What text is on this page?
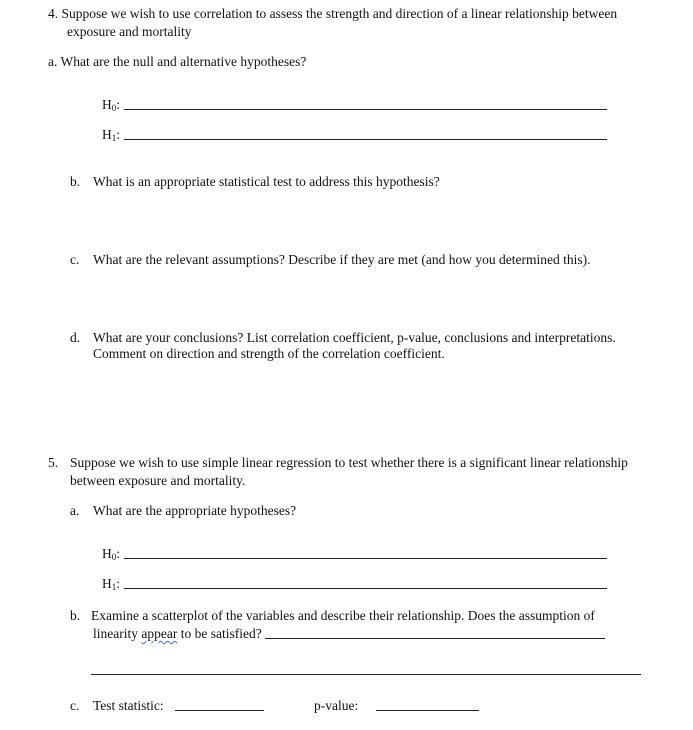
4. Suppose we wish to use correlation to assess the strength and direction of a linear relationship between
exposure and mortality
a. What are the null and alternative hypotheses?
$H_0$:
$H_1$:
b. What is an appropriate statistical test to address this hypothesis?
c. What are the relevant assumptions? Describe if they are met (and how you determined this).
d. What are your conclusions? List correlation coefficient, p-value, conclusions and interpretations.
Comment on direction and strength of the correlation coefficient.
5. Suppose we wish to use simple linear regression to test whether there is a significant linear relationship
between exposure and mortality.
a. What are the appropriate hypotheses?
$H_0$:
$H_1$:
b. Examine a scatterplot of the variables and describe their relationship. Does the assumption of
linearity appear to be satisfied?
c. Test statistic:	p-value:
